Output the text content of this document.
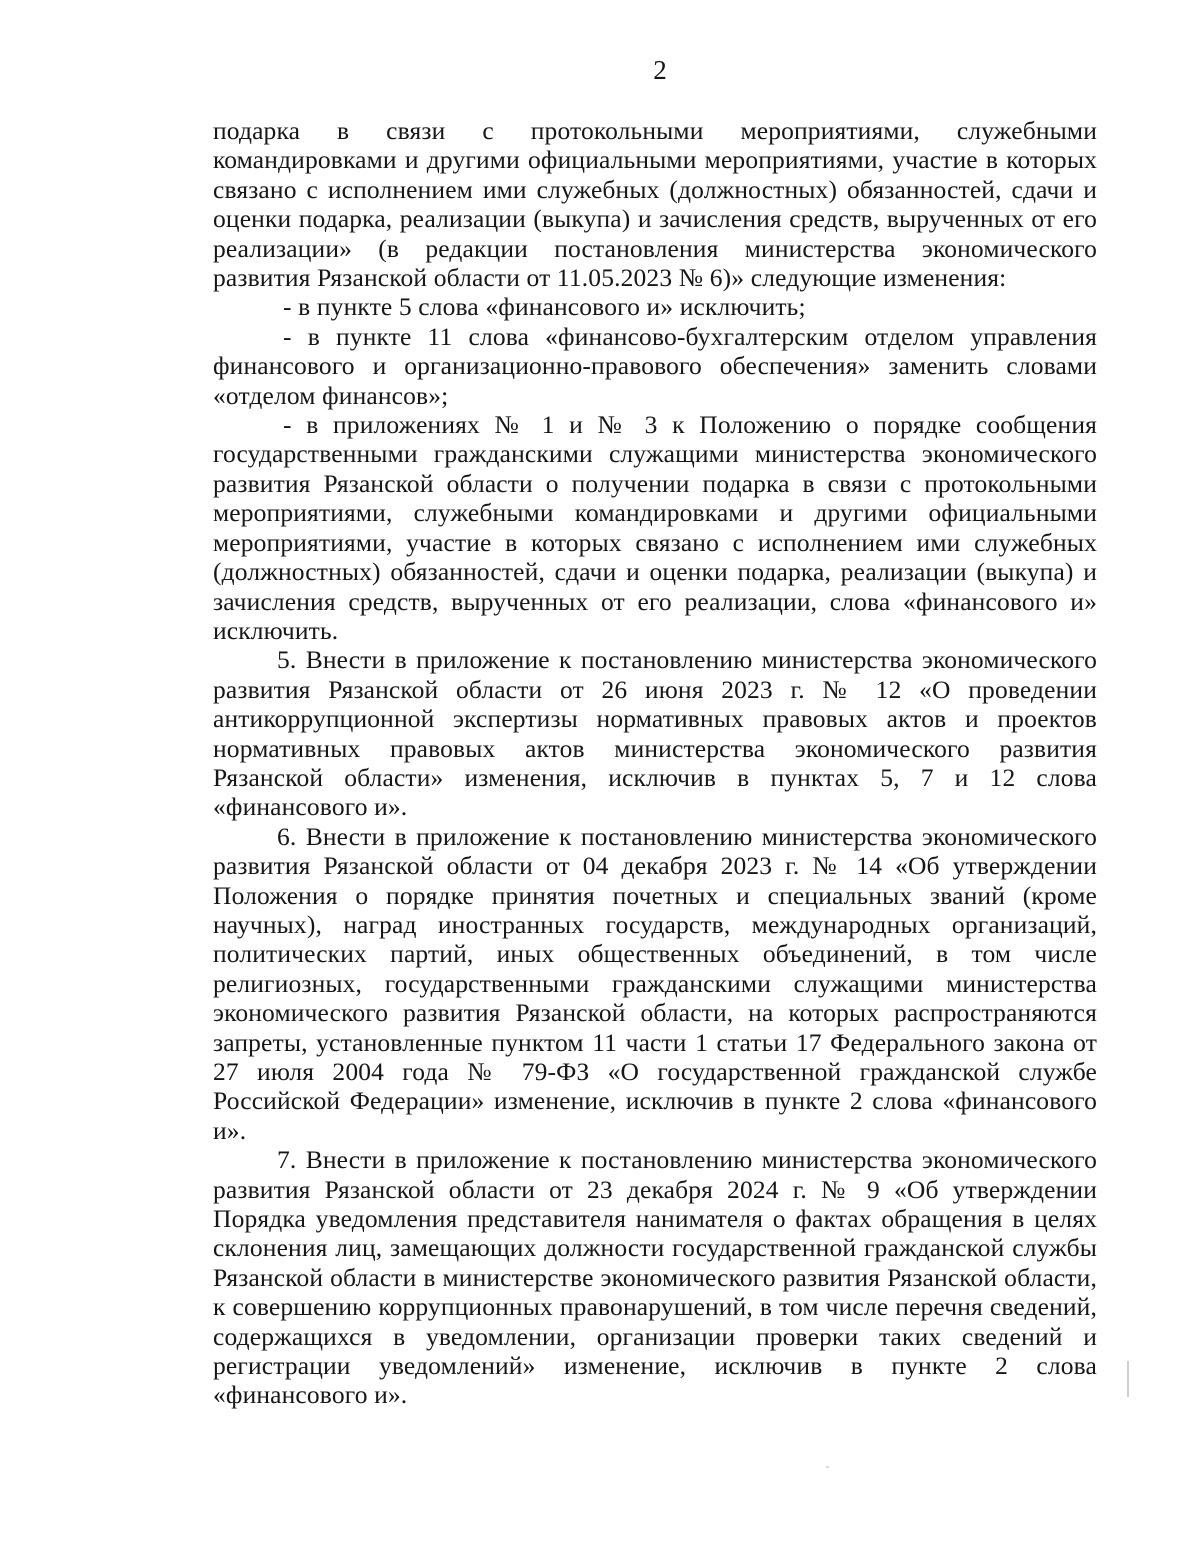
2

подарка в связи с протокольными мероприятиями, служебными командировками и другими официальными мероприятиями, участие в которых связано с исполнением ими служебных (должностных) обязанностей, сдачи и оценки подарка, реализации (выкупа) и зачисления средств, вырученных от его реализации» (в редакции постановления министерства экономического развития Рязанской области от 11.05.2023 № 6)» следующие изменения:

- в пункте 5 слова «финансового и» исключить;

- в пункте 11 слова «финансово-бухгалтерским отделом управления финансового и организационно-правового обеспечения» заменить словами «отделом финансов»;

- в приложениях № 1 и № 3 к Положению о порядке сообщения государственными гражданскими служащими министерства экономического развития Рязанской области о получении подарка в связи с протокольными мероприятиями, служебными командировками и другими официальными мероприятиями, участие в которых связано с исполнением ими служебных (должностных) обязанностей, сдачи и оценки подарка, реализации (выкупа) и зачисления средств, вырученных от его реализации, слова «финансового и» исключить.

5. Внести в приложение к постановлению министерства экономического развития Рязанской области от 26 июня 2023 г. № 12 «О проведении антикоррупционной экспертизы нормативных правовых актов и проектов нормативных правовых актов министерства экономического развития Рязанской области» изменения, исключив в пунктах 5, 7 и 12 слова «финансового и».

6. Внести в приложение к постановлению министерства экономического развития Рязанской области от 04 декабря 2023 г. № 14 «Об утверждении Положения о порядке принятия почетных и специальных званий (кроме научных), наград иностранных государств, международных организаций, политических партий, иных общественных объединений, в том числе религиозных, государственными гражданскими служащими министерства экономического развития Рязанской области, на которых распространяются запреты, установленные пунктом 11 части 1 статьи 17 Федерального закона от 27 июля 2004 года № 79-ФЗ «О государственной гражданской службе Российской Федерации» изменение, исключив в пункте 2 слова «финансового и».

7. Внести в приложение к постановлению министерства экономического развития Рязанской области от 23 декабря 2024 г. № 9 «Об утверждении Порядка уведомления представителя нанимателя о фактах обращения в целях склонения лиц, замещающих должности государственной гражданской службы Рязанской области в министерстве экономического развития Рязанской области, к совершению коррупционных правонарушений, в том числе перечня сведений, содержащихся в уведомлении, организации проверки таких сведений и регистрации уведомлений» изменение, исключив в пункте 2 слова «финансового и».
